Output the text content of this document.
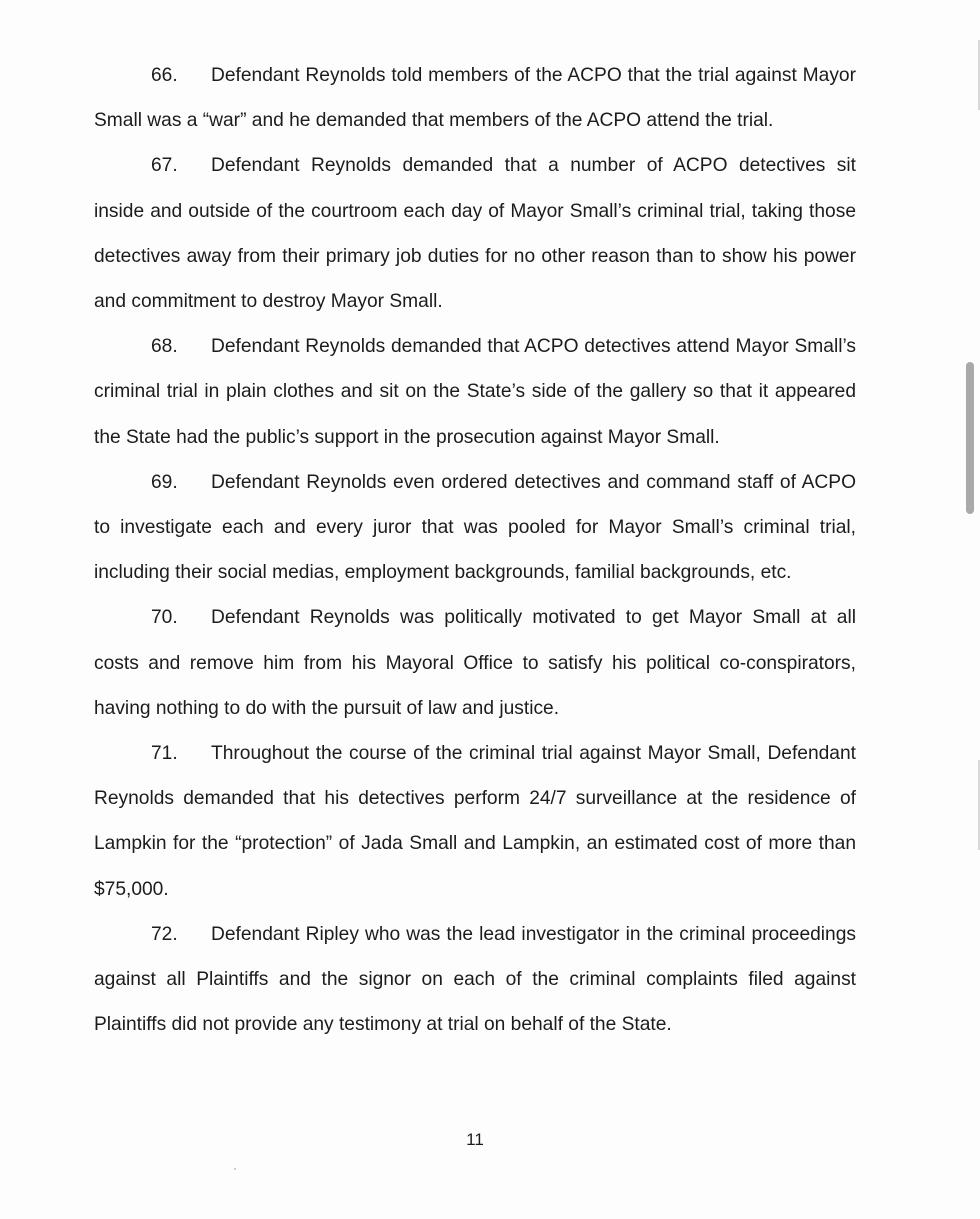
66. Defendant Reynolds told members of the ACPO that the trial against Mayor Small was a “war” and he demanded that members of the ACPO attend the trial.

67. Defendant Reynolds demanded that a number of ACPO detectives sit inside and outside of the courtroom each day of Mayor Small’s criminal trial, taking those detectives away from their primary job duties for no other reason than to show his power and commitment to destroy Mayor Small.

68. Defendant Reynolds demanded that ACPO detectives attend Mayor Small’s criminal trial in plain clothes and sit on the State’s side of the gallery so that it appeared the State had the public’s support in the prosecution against Mayor Small.

69. Defendant Reynolds even ordered detectives and command staff of ACPO to investigate each and every juror that was pooled for Mayor Small’s criminal trial, including their social medias, employment backgrounds, familial backgrounds, etc.

70. Defendant Reynolds was politically motivated to get Mayor Small at all costs and remove him from his Mayoral Office to satisfy his political co-conspirators, having nothing to do with the pursuit of law and justice.

71. Throughout the course of the criminal trial against Mayor Small, Defendant Reynolds demanded that his detectives perform 24/7 surveillance at the residence of Lampkin for the “protection” of Jada Small and Lampkin, an estimated cost of more than $75,000.

72. Defendant Ripley who was the lead investigator in the criminal proceedings against all Plaintiffs and the signor on each of the criminal complaints filed against Plaintiffs did not provide any testimony at trial on behalf of the State.

11
